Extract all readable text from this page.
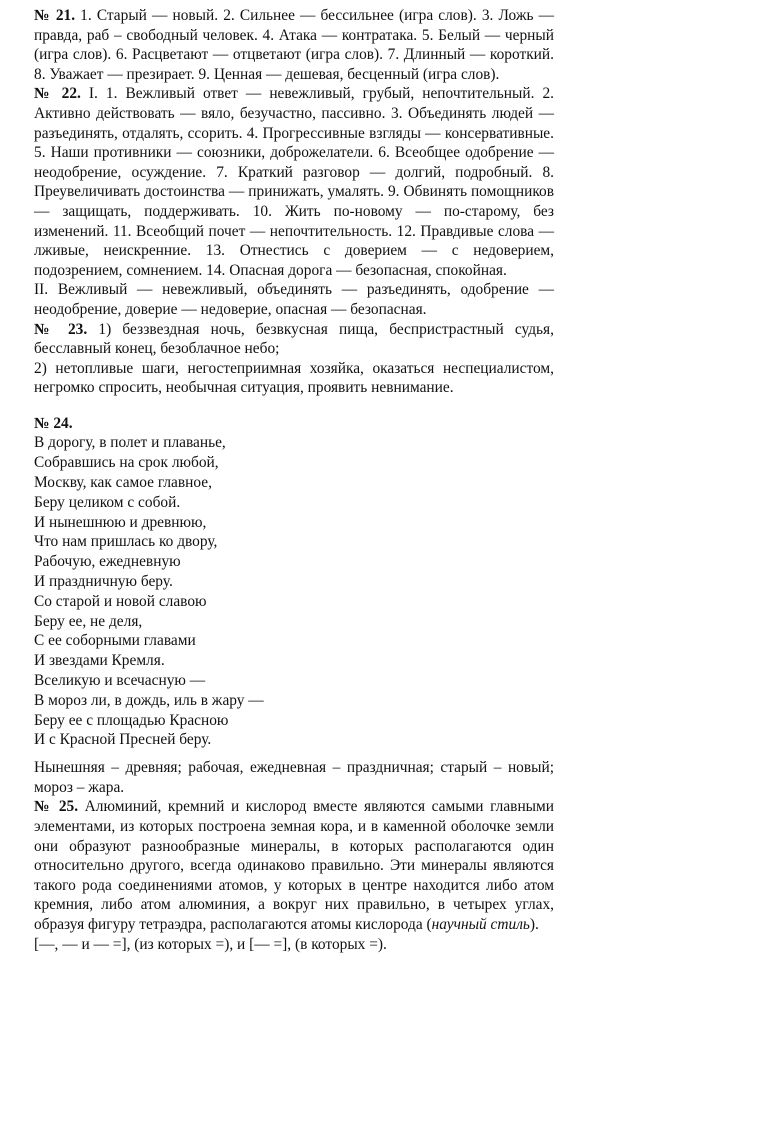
№ 21. 1. Старый — новый. 2. Сильнее — бессильнее (игра слов). 3. Ложь — правда, раб – свободный человек. 4. Атака — контратака. 5. Белый — черный (игра слов). 6. Расцветают — отцветают (игра слов). 7. Длинный — короткий. 8. Уважает — презирает. 9. Ценная — дешевая, бесценный (игра слов).

№ 22. I. 1. Вежливый ответ — невежливый, грубый, непочтительный. 2. Активно действовать — вяло, безучастно, пассивно. 3. Объединять людей — разъединять, отдалять, ссорить. 4. Прогрессивные взгляды — консервативные. 5. Наши противники — союзники, доброжелатели. 6. Всеобщее одобрение — неодобрение, осуждение. 7. Краткий разговор — долгий, подробный. 8. Преувеличивать достоинства — принижать, умалять. 9. Обвинять помощников — защищать, поддерживать. 10. Жить по-новому — по-старому, без изменений. 11. Всеобщий почет — непочтительность. 12. Правдивые слова — лживые, неискренние. 13. Отнестись с доверием — с недоверием, подозрением, сомнением. 14. Опасная дорога — безопасная, спокойная.

II. Вежливый — невежливый, объединять — разъединять, одобрение — неодобрение, доверие — недоверие, опасная — безопасная.

№ 23. 1) беззвездная ночь, безвкусная пища, беспристрастный судья, бесславный конец, безоблачное небо;

2) нетопливые шаги, негостеприимная хозяйка, оказаться неспециалистом, негромко спросить, необычная ситуация, проявить невнимание.

№ 24.

В дорогу, в полет и плаванье,
Собравшись на срок любой,
Москву, как самое главное,
Беру целиком с собой.
И нынешнюю и древнюю,
Что нам пришлась ко двору,
Рабочую, ежедневную
И праздничную беру.
Со старой и новой славою
Беру ее, не деля,
С ее соборными главами
И звездами Кремля.
Вселикую и всечасную —
В мороз ли, в дождь, иль в жару —
Беру ее с площадью Красною
И с Красной Пресней беру.

Нынешняя – древняя; рабочая, ежедневная – праздничная; старый – новый; мороз – жара.

№ 25. Алюминий, кремний и кислород вместе являются самыми главными элементами, из которых построена земная кора, и в каменной оболочке земли они образуют разнообразные минералы, в которых располагаются один относительно другого, всегда одинаково правильно. Эти минералы являются такого рода соединениями атомов, у которых в центре находится либо атом кремния, либо атом алюминия, а вокруг них правильно, в четырех углах, образуя фигуру тетраэдра, располагаются атомы кислорода (научный стиль).

[—, — и — =], (из которых =), и [— =], (в которых =).
